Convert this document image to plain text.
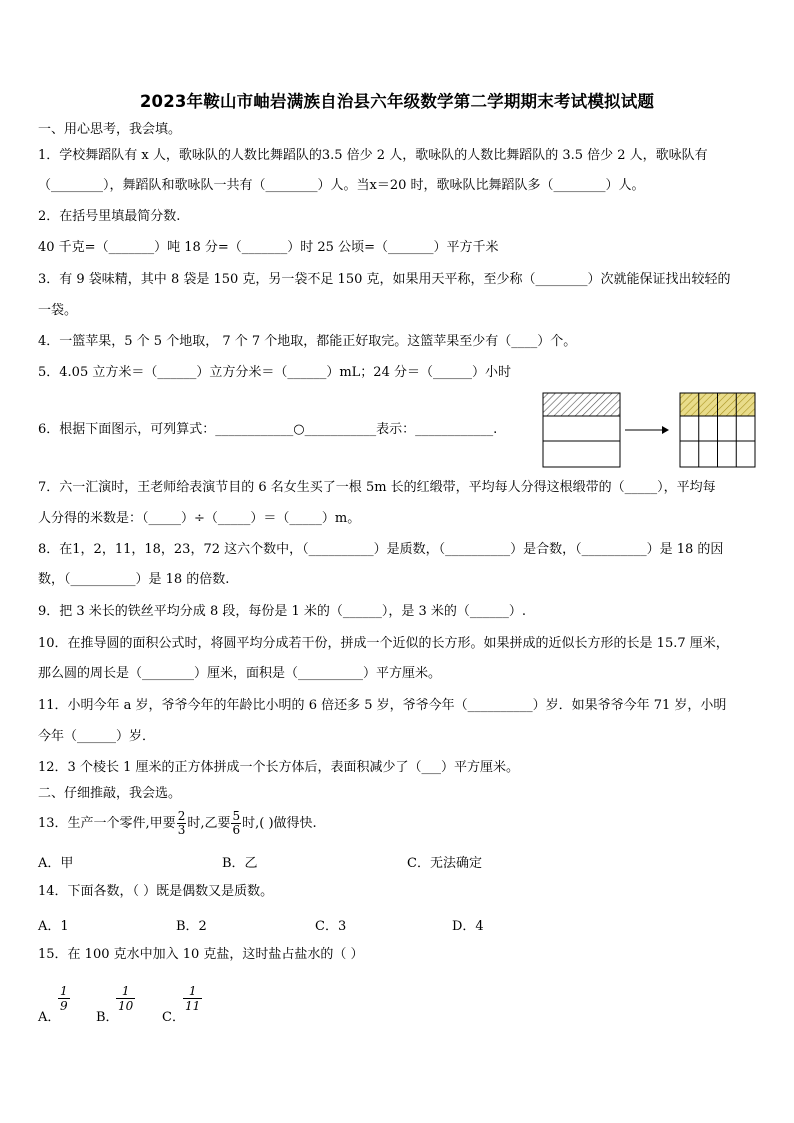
2023年鞍山市岫岩满族自治县六年级数学第二学期期末考试模拟试题
一、用心思考，我会填。
1．学校舞蹈队有 x 人，歌咏队的人数比舞蹈队的3.5 倍少 2 人，歌咏队的人数比舞蹈队的 3.5 倍少 2 人，歌咏队有
（________），舞蹈队和歌咏队一共有（________）人。当x＝20 时，歌咏队比舞蹈队多（________）人。
2．在括号里填最简分数.
40 千克=（_______）吨 18 分=（_______）时 25 公顷=（_______）平方千米
3．有 9 袋味精，其中 8 袋是 150 克，另一袋不足 150 克，如果用天平称，至少称（________）次就能保证找出较轻的
一袋。
4．一篮苹果，5 个 5 个地取， 7 个 7 个地取，都能正好取完。这篮苹果至少有（____）个。
5．4.05 立方米＝（______）立方分米＝（______）mL；24 分＝（______）小时
6．根据下面图示，可列算式：____________○___________表示：____________.
7．六一汇演时，王老师给表演节目的 6 名女生买了一根 5m 长的红缎带，平均每人分得这根缎带的（_____），平均每
人分得的米数是：（_____）÷（_____）＝（_____）m。
8．在1，2，11，18，23，72 这六个数中，（__________）是质数，（__________）是合数，（__________）是 18 的因
数，（__________）是 18 的倍数.
9．把 3 米长的铁丝平均分成 8 段，每份是 1 米的（______），是 3 米的（______）.
10．在推导圆的面积公式时，将圆平均分成若干份，拼成一个近似的长方形。如果拼成的近似长方形的长是 15.7 厘米，
那么圆的周长是（________）厘米，面积是（__________）平方厘米。
11．小明今年 a 岁，爷爷今年的年龄比小明的 6 倍还多 5 岁，爷爷今年（__________）岁．如果爷爷今年 71 岁，小明
今年（______）岁．
12．3 个棱长 1 厘米的正方体拼成一个长方体后，表面积减少了（___）平方厘米。
二、仔细推敲，我会选。
13．生产一个零件,甲要 $\frac{2}{3}$ 时,乙要 $\frac{5}{6}$ 时,( )做得快.
A．甲	B．乙	C．无法确定
14．下面各数，（ ）既是偶数又是质数。
A．1	B．2	C．3	D．4
15．在 100 克水中加入 10 克盐，这时盐占盐水的（ ）
A．
$\frac{1}{9}$
B．
$\frac{1}{10}$
C．
$\frac{1}{11}$
